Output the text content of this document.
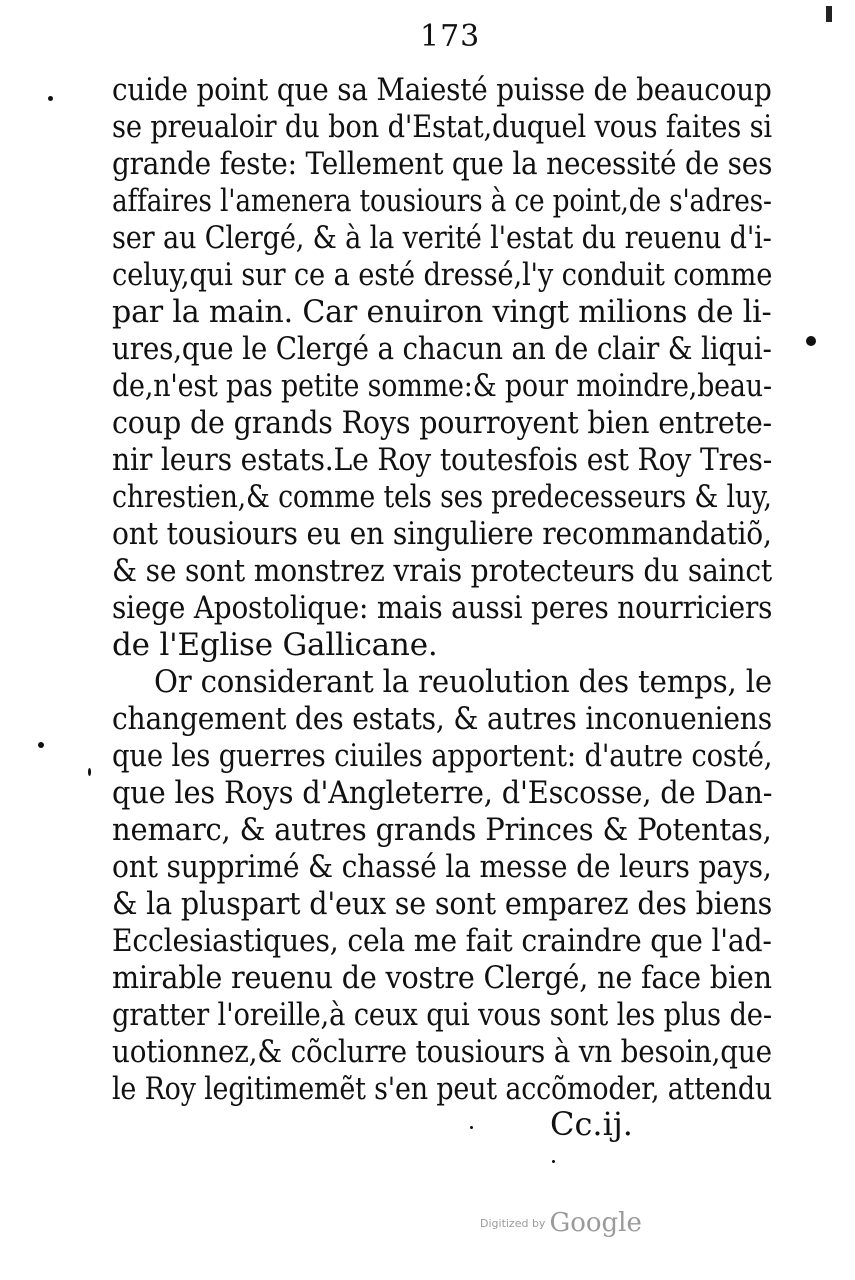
173
cuide point que sa Maiesté puisse de beaucoup
se preualoir du bon d'Estat,duquel vous faites si
grande feste: Tellement que la necessité de ses
affaires l'amenera tousiours à ce point,de s'adres-
ser au Clergé, & à la verité l'estat du reuenu d'i-
celuy,qui sur ce a esté dressé,l'y conduit comme
par la main. Car enuiron vingt milions de li-
ures,que le Clergé a chacun an de clair & liqui-
de,n'est pas petite somme:& pour moindre,beau-
coup de grands Roys pourroyent bien entrete-
nir leurs estats.Le Roy toutesfois est Roy Tres-
chrestien,& comme tels ses predecesseurs & luy,
ont tousiours eu en singuliere recommandatiõ,
& se sont monstrez vrais protecteurs du sainct
siege Apostolique: mais aussi peres nourriciers
de l'Eglise Gallicane.
Or considerant la reuolution des temps, le
changement des estats, & autres inconueniens
que les guerres ciuiles apportent: d'autre costé,
que les Roys d'Angleterre, d'Escosse, de Dan-
nemarc, & autres grands Princes & Potentas,
ont supprimé & chassé la messe de leurs pays,
& la pluspart d'eux se sont emparez des biens
Ecclesiastiques, cela me fait craindre que l'ad-
mirable reuenu de vostre Clergé, ne face bien
gratter l'oreille,à ceux qui vous sont les plus de-
uotionnez,& cõclurre tousiours à vn besoin,que
le Roy legitimemẽt s'en peut accõmoder, attendu
Cc.ij.
$^{Digitized by}$ Google
